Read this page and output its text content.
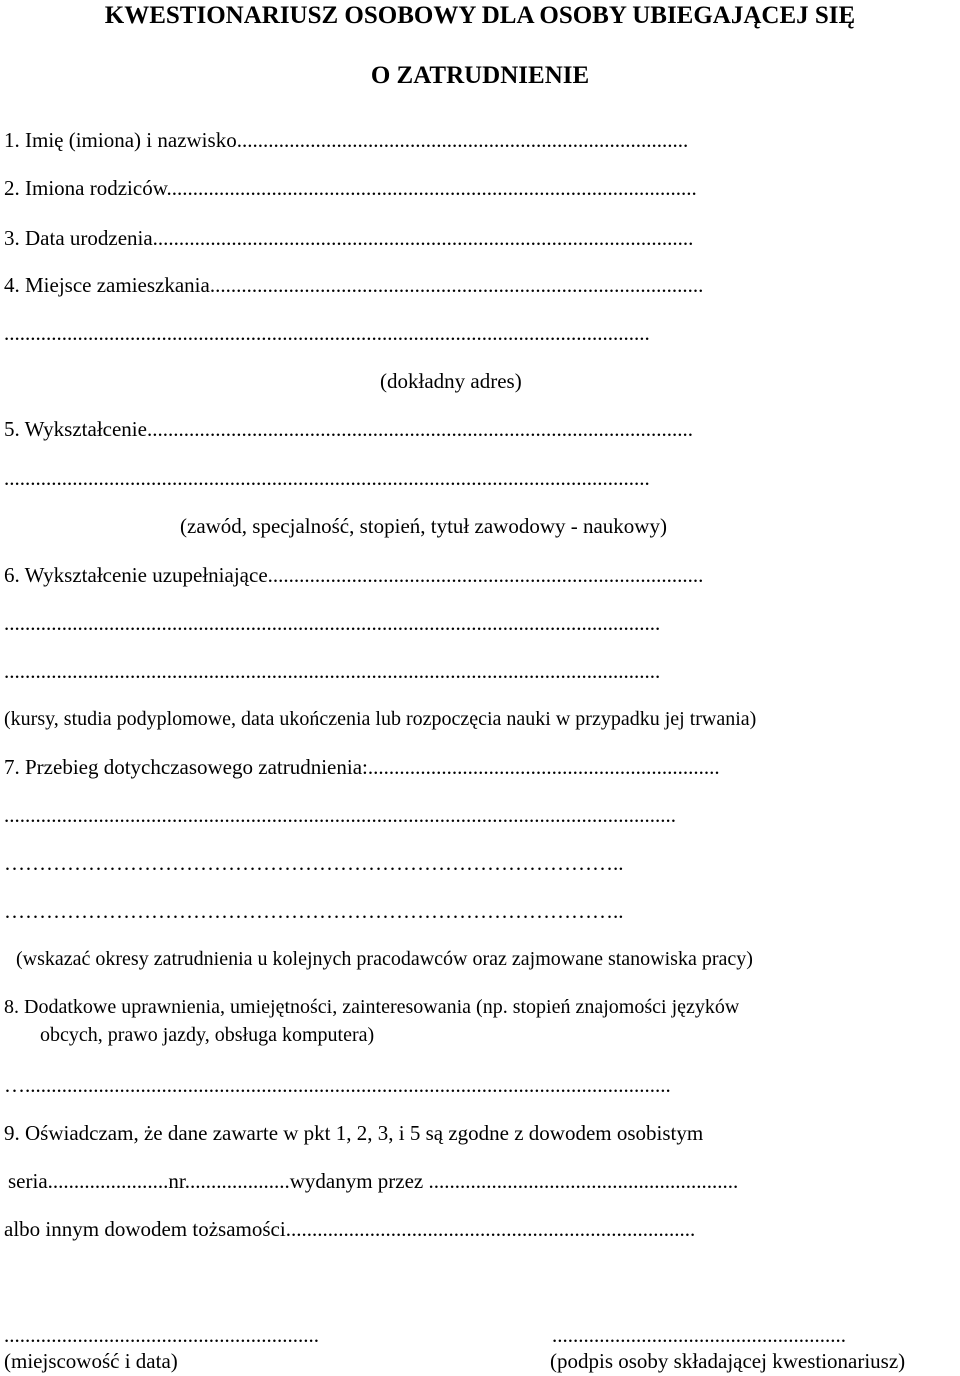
KWESTIONARIUSZ OSOBOWY DLA OSOBY UBIEGAJĄCEJ SIĘ
O ZATRUDNIENIE
1. Imię (imiona) i nazwisko......................................................................................
2. Imiona rodziców.....................................................................................................
3. Data urodzenia.......................................................................................................
4. Miejsce zamieszkania..............................................................................................
...........................................................................................................................
(dokładny adres)
5. Wykształcenie........................................................................................................
...........................................................................................................................
(zawód, specjalność, stopień, tytuł zawodowy - naukowy)
6. Wykształcenie uzupełniające...................................................................................
.............................................................................................................................
.............................................................................................................................
(kursy, studia podyplomowe, data ukończenia lub rozpoczęcia nauki w przypadku jej trwania)
7. Przebieg dotychczasowego zatrudnienia:...................................................................
................................................................................................................................
……………………………………………………………………………..
……………………………………………………………………………..
(wskazać okresy zatrudnienia u kolejnych pracodawców oraz zajmowane stanowiska pracy)
8. Dodatkowe uprawnienia, umiejętności, zainteresowania (np. stopień znajomości języków
obcych, prawo jazdy, obsługa komputera)
…...........................................................................................................................
9. Oświadczam, że dane zawarte w pkt 1, 2, 3, i 5 są zgodne z dowodem osobistym
seria.......................nr....................wydanym przez ...........................................................
albo innym dowodem tożsamości..............................................................................
............................................................	........................................................
(miejscowość i data)	(podpis osoby składającej kwestionariusz)
